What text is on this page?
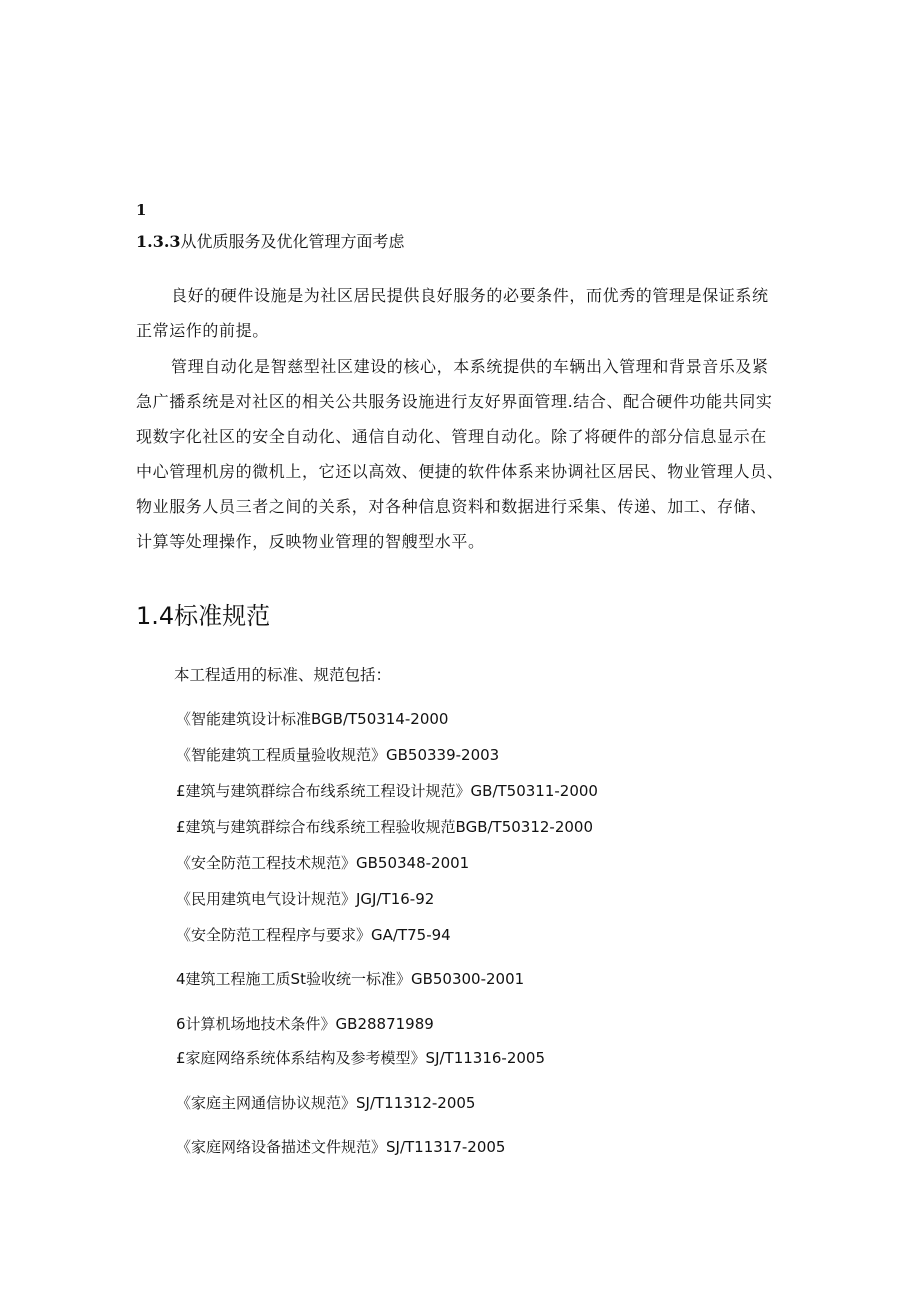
1
1.3.3从优质服务及优化管理方面考虑
良好的硬件设施是为社区居民提供良好服务的必要条件，而优秀的管理是保证系统
正常运作的前提。
管理自动化是智慈型社区建设的核心，本系统提供的车辆出入管理和背景音乐及紧
急广播系统是对社区的相关公共服务设施进行友好界面管理.结合、配合硬件功能共同实
现数字化社区的安全自动化、通信自动化、管理自动化。除了将硬件的部分信息显示在
中心管理机房的微机上，它还以高效、便捷的软件体系来协调社区居民、物业管理人员、
物业服务人员三者之间的关系，对各种信息资料和数据进行采集、传递、加工、存储、
计算等处理操作，反映物业管理的智艘型水平。
1.4标准规范
本工程适用的标准、规范包括：
《智能建筑设计标准BGB/T50314-2000
《智能建筑工程质量验收规范》GB50339-2003
£建筑与建筑群综合布线系统工程设计规范》GB/T50311-2000
£建筑与建筑群综合布线系统工程验收规范BGB/T50312-2000
《安全防范工程技术规范》GB50348-2001
《民用建筑电气设计规范》JGJ/T16-92
《安全防范工程程序与要求》GA/T75-94
4建筑工程施工质St验收统一标准》GB50300-2001
6计算机场地技术条件》GB28871989
£家庭网络系统体系结构及参考模型》SJ/T11316-2005
《家庭主网通信协议规范》SJ/T11312-2005
《家庭网络设备描述文件规范》SJ/T11317-2005
